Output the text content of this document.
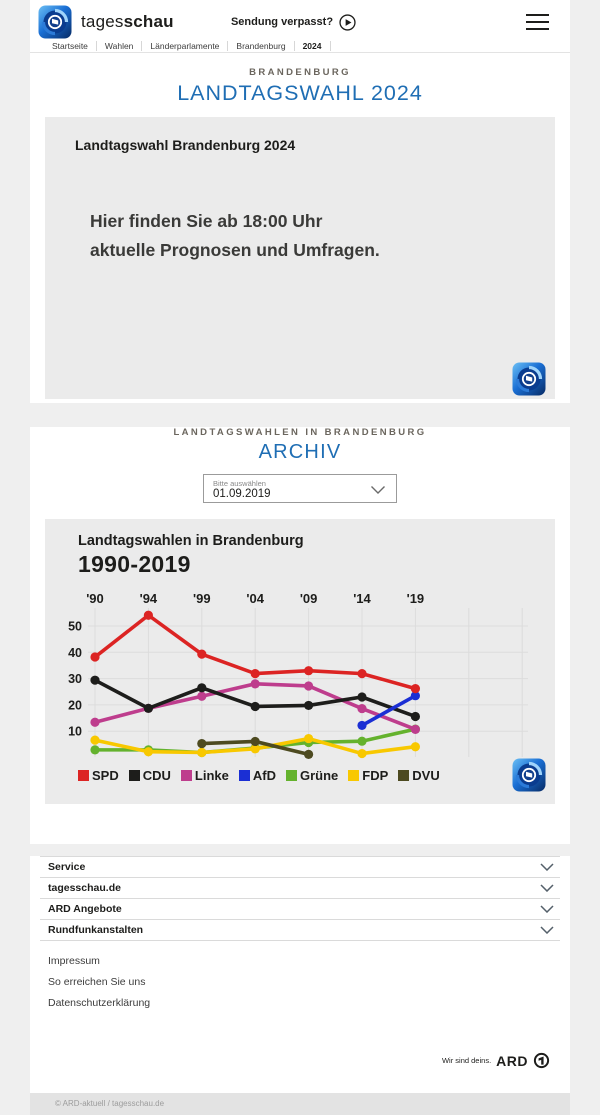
tagesschau	Sendung verpasst?
Startseite	Wahlen	Länderparlamente	Brandenburg	2024
BRANDENBURG
LANDTAGSWAHL 2024
Landtagswahl Brandenburg 2024
Hier finden Sie ab 18:00 Uhr
aktuelle Prognosen und Umfragen.
LANDTAGSWAHLEN IN BRANDENBURG
ARCHIV
Bitte auswählen
01.09.2019
10
20
30
40
50
'90	'94	'99	'04	'09	'14	'19
Landtagswahlen in Brandenburg
1990-2019
SPD CDU Linke AfD Grüne FDP DVU
Service
tagesschau.de
ARD Angebote
Rundfunkanstalten
Impressum
So erreichen Sie uns
Datenschutzerklärung
Wir sind deins. ARD
© ARD-aktuell / tagesschau.de
